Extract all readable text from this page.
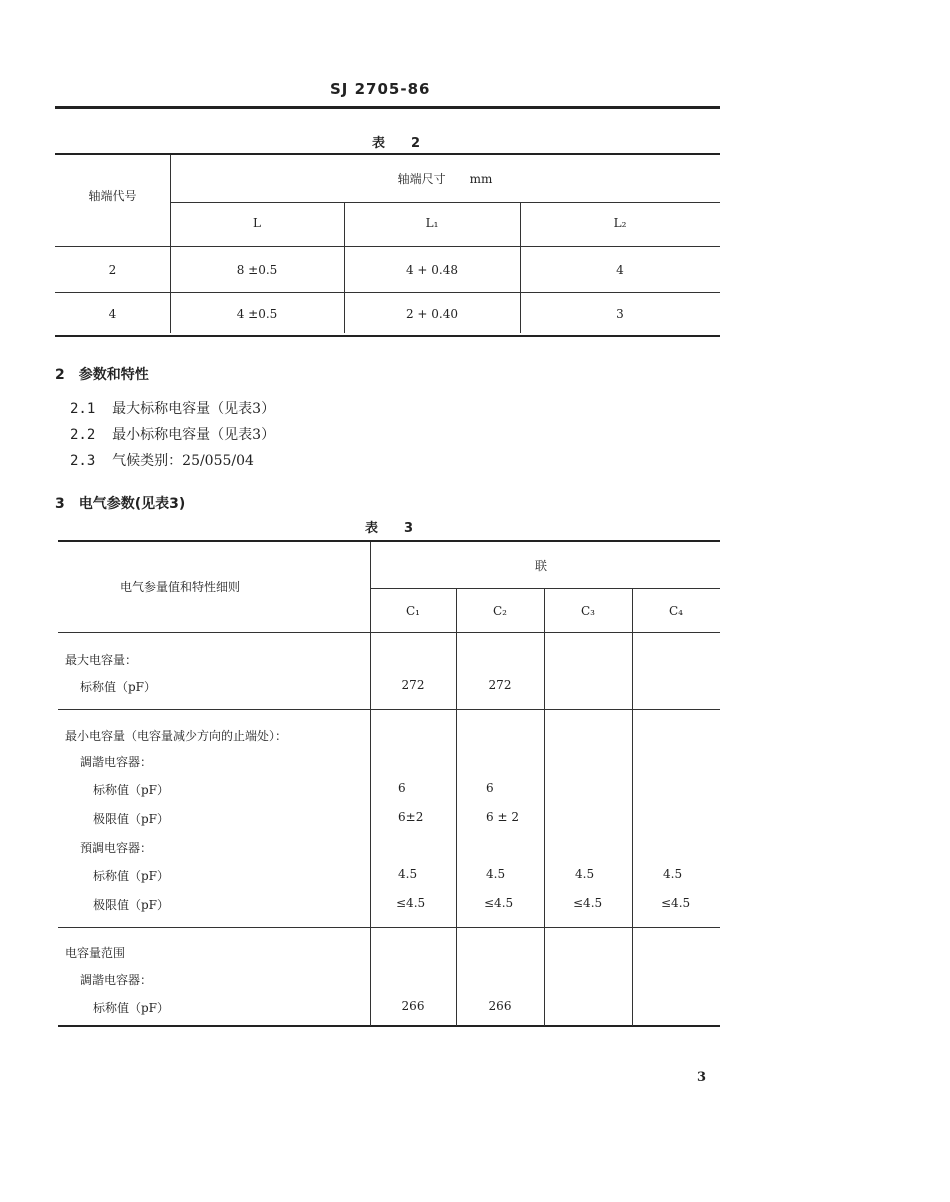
SJ 2705-86
表　　2
轴端代号
轴端尺寸　　mm
L	L₁	L₂
2	8 ±0.5	4 + 0.48	4
4	4 ±0.5	2 + 0.40	3
2　参数和特性
2.1 最大标称电容量（见表3）
2.2 最小标称电容量（见表3）
2.3 气候类别：25/055/04
3　电气参数(见表3)
表　　3
电气参量值和特性细则
联
C₁	C₂	C₃	C₄
最大电容量：
标称值（pF）	272	272
最小电容量（电容量减少方向的止端处）：
調諧电容器：
标称值（pF）	6	6
极限值（pF）	6±2	6 ± 2
預調电容器：
标称值（pF）	4.5	4.5	4.5	4.5
极限值（pF）	≤4.5	≤4.5	≤4.5	≤4.5
电容量范围
調諧电容器：
标称值（pF）	266	266
3
